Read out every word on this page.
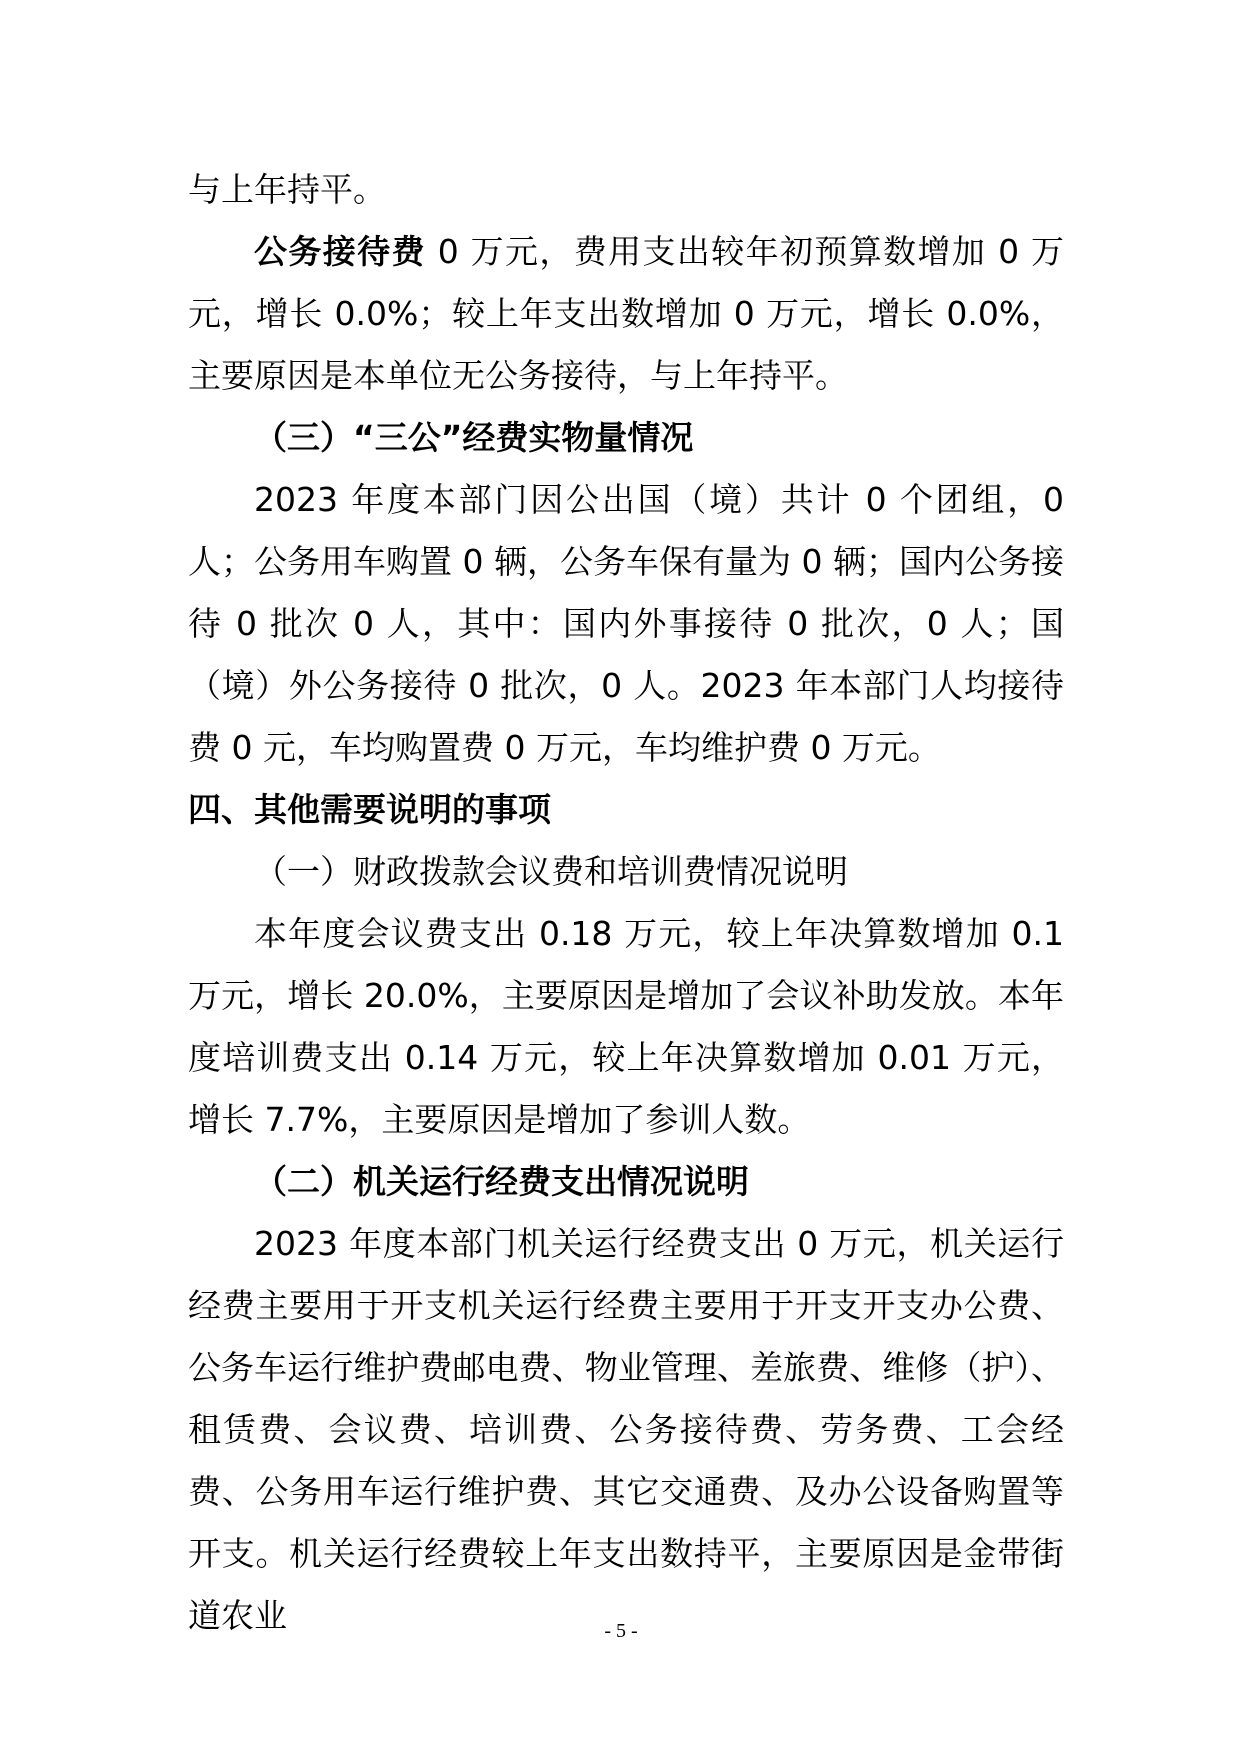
与上年持平。

公务接待费 0 万元，费用支出较年初预算数增加 0 万元，增长 0.0%；较上年支出数增加 0 万元，增长 0.0%，主要原因是本单位无公务接待，与上年持平。

（三）“三公”经费实物量情况

2023 年度本部门因公出国（境）共计 0 个团组，0 人；公务用车购置 0 辆，公务车保有量为 0 辆；国内公务接待 0 批次 0 人，其中：国内外事接待 0 批次，0 人；国（境）外公务接待 0 批次，0 人。2023 年本部门人均接待费 0 元，车均购置费 0 万元，车均维护费 0 万元。

四、其他需要说明的事项

（一）财政拨款会议费和培训费情况说明

本年度会议费支出 0.18 万元，较上年决算数增加 0.1 万元，增长 20.0%，主要原因是增加了会议补助发放。本年度培训费支出 0.14 万元，较上年决算数增加 0.01 万元，增长 7.7%，主要原因是增加了参训人数。

（二）机关运行经费支出情况说明

2023 年度本部门机关运行经费支出 0 万元，机关运行经费主要用于开支机关运行经费主要用于开支开支办公费、公务车运行维护费邮电费、物业管理、差旅费、维修（护）、租赁费、会议费、培训费、公务接待费、劳务费、工会经费、公务用车运行维护费、其它交通费、及办公设备购置等开支。机关运行经费较上年支出数持平，主要原因是金带街道农业	- 5 -
